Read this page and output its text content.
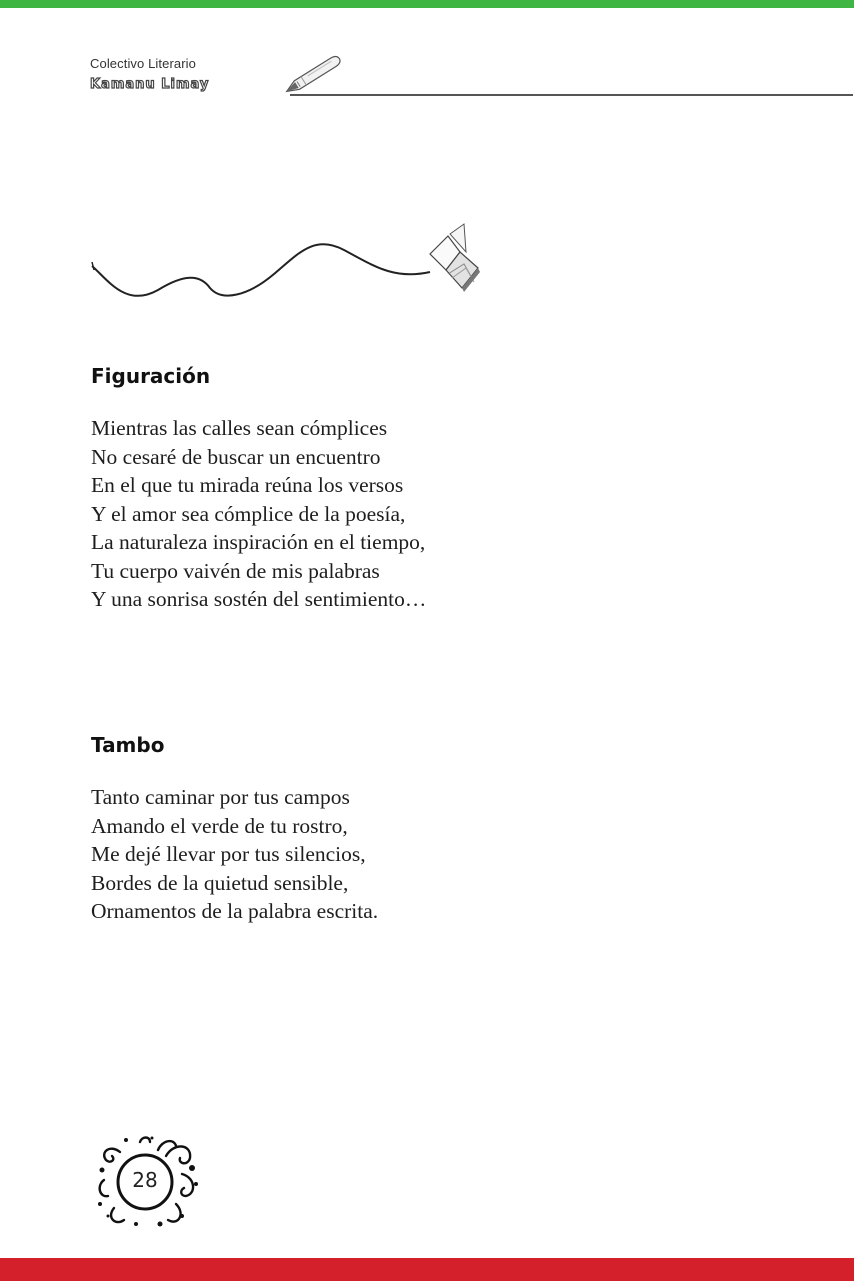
Colectivo Literario
Kamanu Limay
Figuración
Mientras las calles sean cómplices
No cesaré de buscar un encuentro
En el que tu mirada reúna los versos
Y el amor sea cómplice de la poesía,
La naturaleza inspiración en el tiempo,
Tu cuerpo vaivén de mis palabras
Y una sonrisa sostén del sentimiento…
Tambo
Tanto caminar por tus campos
Amando el verde de tu rostro,
Me dejé llevar por tus silencios,
Bordes de la quietud sensible,
Ornamentos de la palabra escrita.
28
